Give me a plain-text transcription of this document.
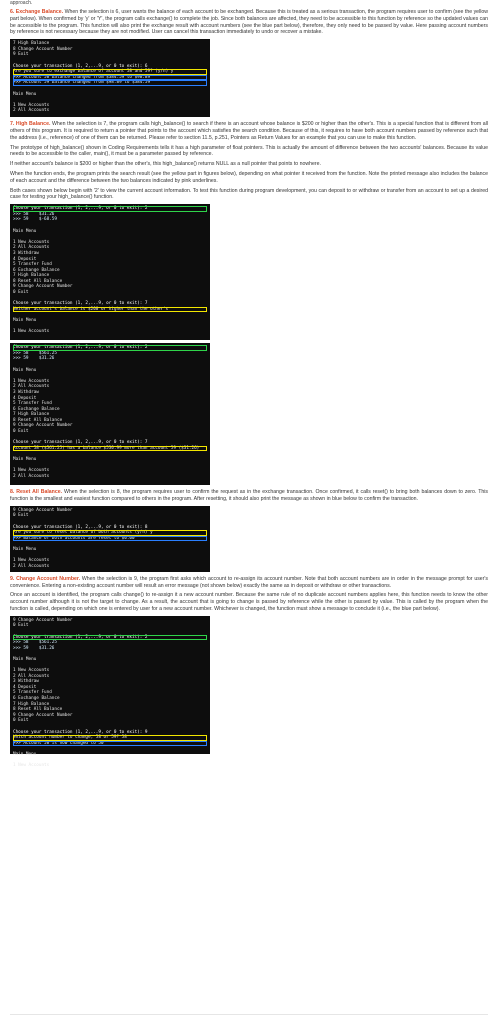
approach.

6. Exchange Balance. When the selection is 6, user wants the balance of each account to be exchanged. Because this is treated as a serious transaction, the program requires user to confirm (see the yellow part below). When confirmed by 'y' or 'Y', the program calls exchange() to complete the job. Since both balances are affected, they need to be accessible to this function by reference so the updated values can be accessible to the program. This function will also print the exchange result with account numbers (see the blue part below), therefore, they only need to be passed by value. Here passing account numbers by reference is not necessary because they are not modified. User can cancel this transaction immediately to undo or recover a mistake.

7 High Balance
8 Change Account Number
9 Exit
Choose your transaction (1, 2,...9, or 0 to exit): 6
Are you sure to exchange balance of account 58 and 59? (y/n) y
>>> Account 58 balance changed from $384.59 to $98.89
>>> Account 59 balance changed from $98.89 to $384.59
Main Menu
1 New Accounts
2 All Accounts

7. High Balance. When the selection is 7, the program calls high_balance() to search if there is an account whose balance is $200 or higher than the other's. This is a special function that is different from all others of this program. It is required to return a pointer that points to the account which satisfies the search condition. Because of this, it requires to have both account numbers passed by reference such that the address (i.e., reference) of one of them can be returned. Please refer to section 11.5, p.251, Pointers as Return Values for an example that you can use to make this function.

The prototype of high_balance() shown in Coding Requirements tells it has a high parameter of float pointers. This is actually the amount of difference between the two accounts' balances. Because its value needs to be accessible to the caller, main(), it must be a parameter passed by reference.

If neither account's balance is $200 or higher than the other's, this high_balance() returns NULL as a null pointer that points to nowhere.

When the function ends, the program prints the search result (see the yellow part in figures below), depending on what pointer it received from the function. Note the printed message also includes the balance of each account and the difference between the two balances indicated by pink underlines.

Both cases shown below begin with '2' to view the current account information. To test this function during program development, you can deposit to or withdraw or transfer from an account to set up a desired case for testing your high_balance() function.

Choose your transaction (1, 2,...9, or 0 to exit): 2
>>> 58    $31.26
>>> 59    $-68.59
Main Menu
1 New Accounts
2 All Accounts
3 Withdraw
4 Deposit
5 Transfer Fund
6 Exchange Balance
7 High Balance
8 Reset All Balance
9 Change Account Number
0 Exit
Choose your transaction (1, 2,...9, or 0 to exit): 7
Neither account's balance is $200 or higher than the other's
Main Menu
1 New Accounts
Choose your transaction (1, 2,...9, or 0 to exit): 2
>>> 58    $561.25
>>> 59    $31.26
Main Menu
1 New Accounts
2 All Accounts
3 Withdraw
4 Deposit
5 Transfer Fund
6 Exchange Balance
7 High Balance
8 Reset All Balance
9 Change Account Number
0 Exit
Choose your transaction (1, 2,...9, or 0 to exit): 7
Account 58 ($561.25) has a balance $530.99 more than account 59 ($31.26)
Main Menu
1 New Accounts
2 All Accounts

8. Reset All Balance. When the selection is 8, the program requires user to confirm the request as in the exchange transaction. Once confirmed, it calls reset() to bring both balances down to zero. This function is the smallest and easiest function compared to others in the program. After resetting, it should also print the message as shown in blue below to confirm the transaction.

9 Change Account Number
0 Exit
Choose your transaction (1, 2,...9, or 0 to exit): 8
Are you sure to reset balance of both accounts (y/n) y
>>> Balance of both accounts are reset to $0.00
Main Menu
1 New Accounts
2 All Accounts

9. Change Account Number. When the selection is 9, the program first asks which account to re-assign its account number. Note that both account numbers are in order in the message prompt for user's convenience. Entering a non-existing account number will result an error message (not shown below) exactly the same as in deposit or withdraw or other transactions.

Once an account is identified, the program calls change() to re-assign it a new account number. Because the same rule of no duplicate account numbers applies here, this function needs to know the other account number although it is not the target to change. As a result, the account that is going to change is passed by reference while the other is passed by value. This is called by the program when the function is called, depending on which one is entered by user for a new account number. Whichever is changed, the function must show a message to conclude it (i.e., the blue part below).

9 Change Account Number
0 Exit
Choose your transaction (1, 2,...9, or 0 to exit): 2
>>> 58    $561.25
>>> 59    $31.26
Main Menu
1 New Accounts
2 All Accounts
3 Withdraw
4 Deposit
5 Transfer Fund
6 Exchange Balance
7 High Balance
8 Reset All Balance
9 Change Account Number
0 Exit
Choose your transaction (1, 2,...9, or 0 to exit): 9
Which account number to change, 58 or 59? 58
>>> Account 58 is now changed to 50
Main Menu
1 New Accounts
